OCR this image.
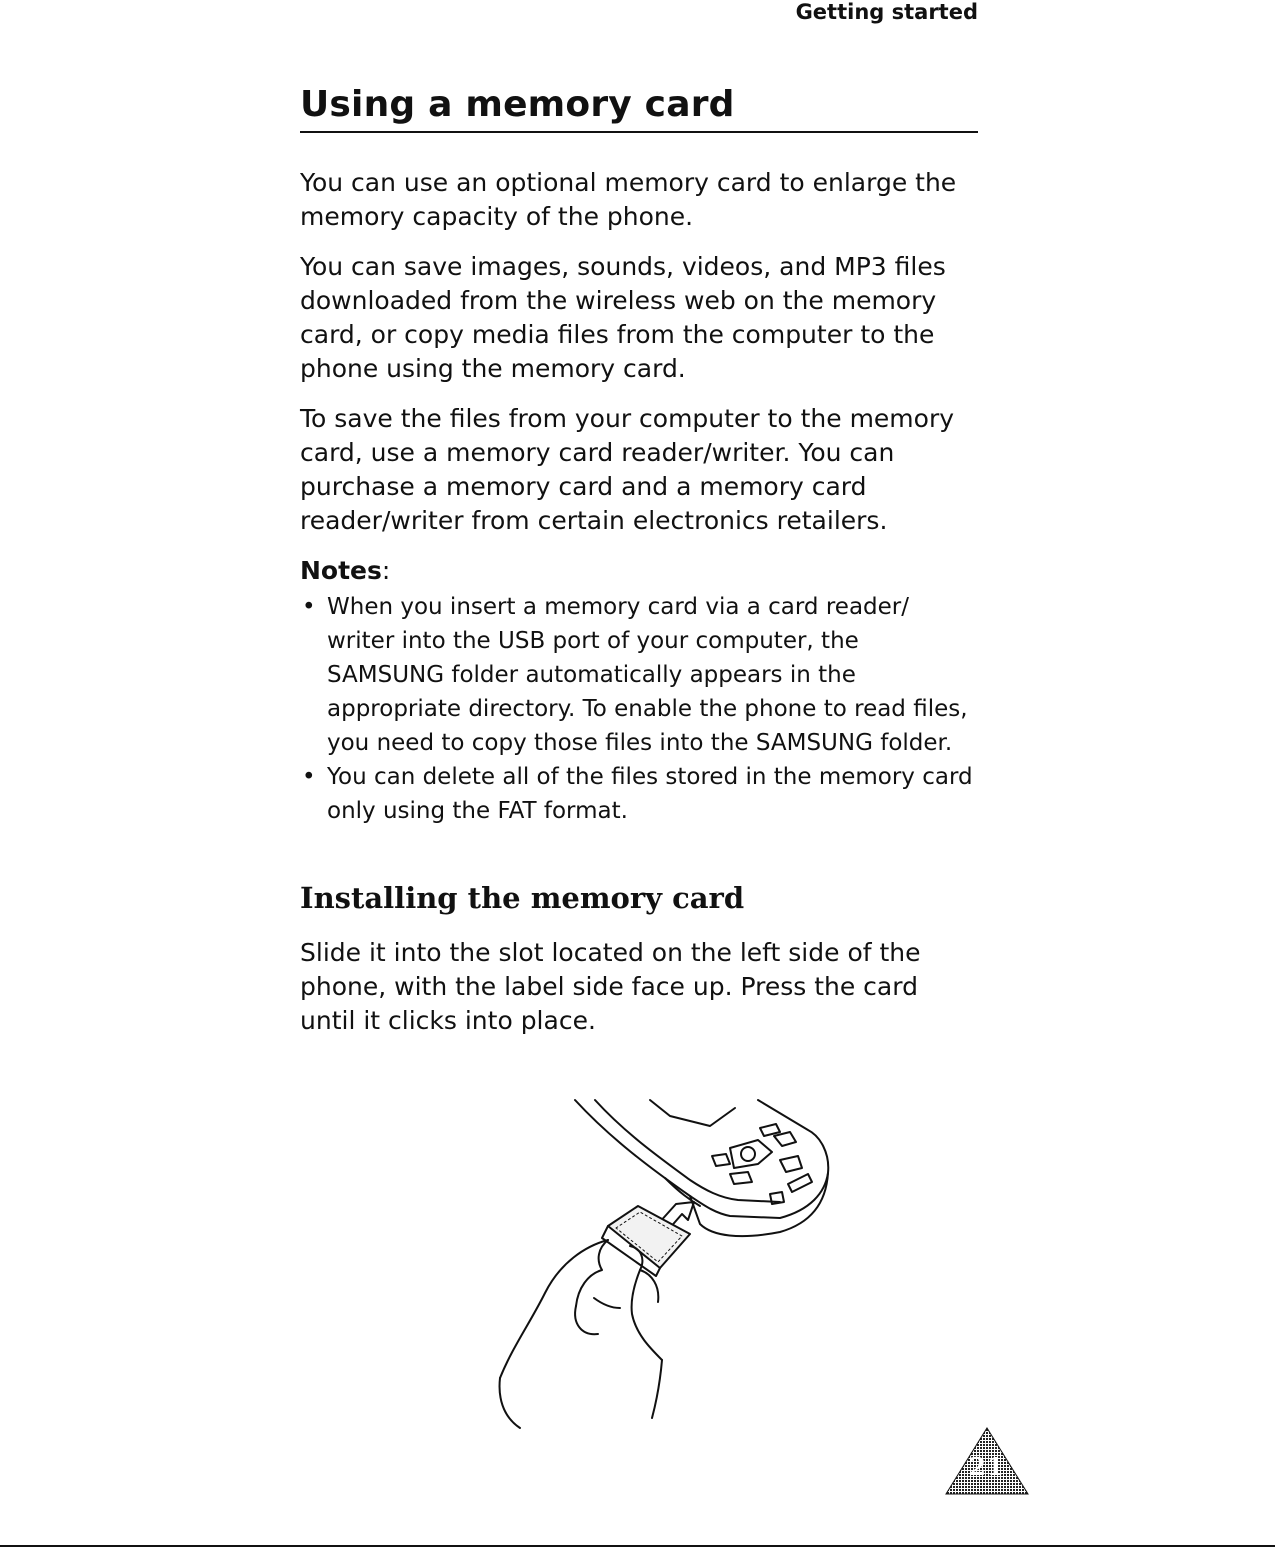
Getting started
Using a memory card

You can use an optional memory card to enlarge the memory capacity of the phone.

You can save images, sounds, videos, and MP3 files downloaded from the wireless web on the memory card, or copy media files from the computer to the phone using the memory card.

To save the files from your computer to the memory card, use a memory card reader/writer. You can purchase a memory card and a memory card reader/writer from certain electronics retailers.

Notes:
• When you insert a memory card via a card reader/ writer into the USB port of your computer, the SAMSUNG folder automatically appears in the appropriate directory. To enable the phone to read files, you need to copy those files into the SAMSUNG folder.
• You can delete all of the files stored in the memory card only using the FAT format.
Installing the memory card

Slide it into the slot located on the left side of the phone, with the label side face up. Press the card until it clicks into place.

21
